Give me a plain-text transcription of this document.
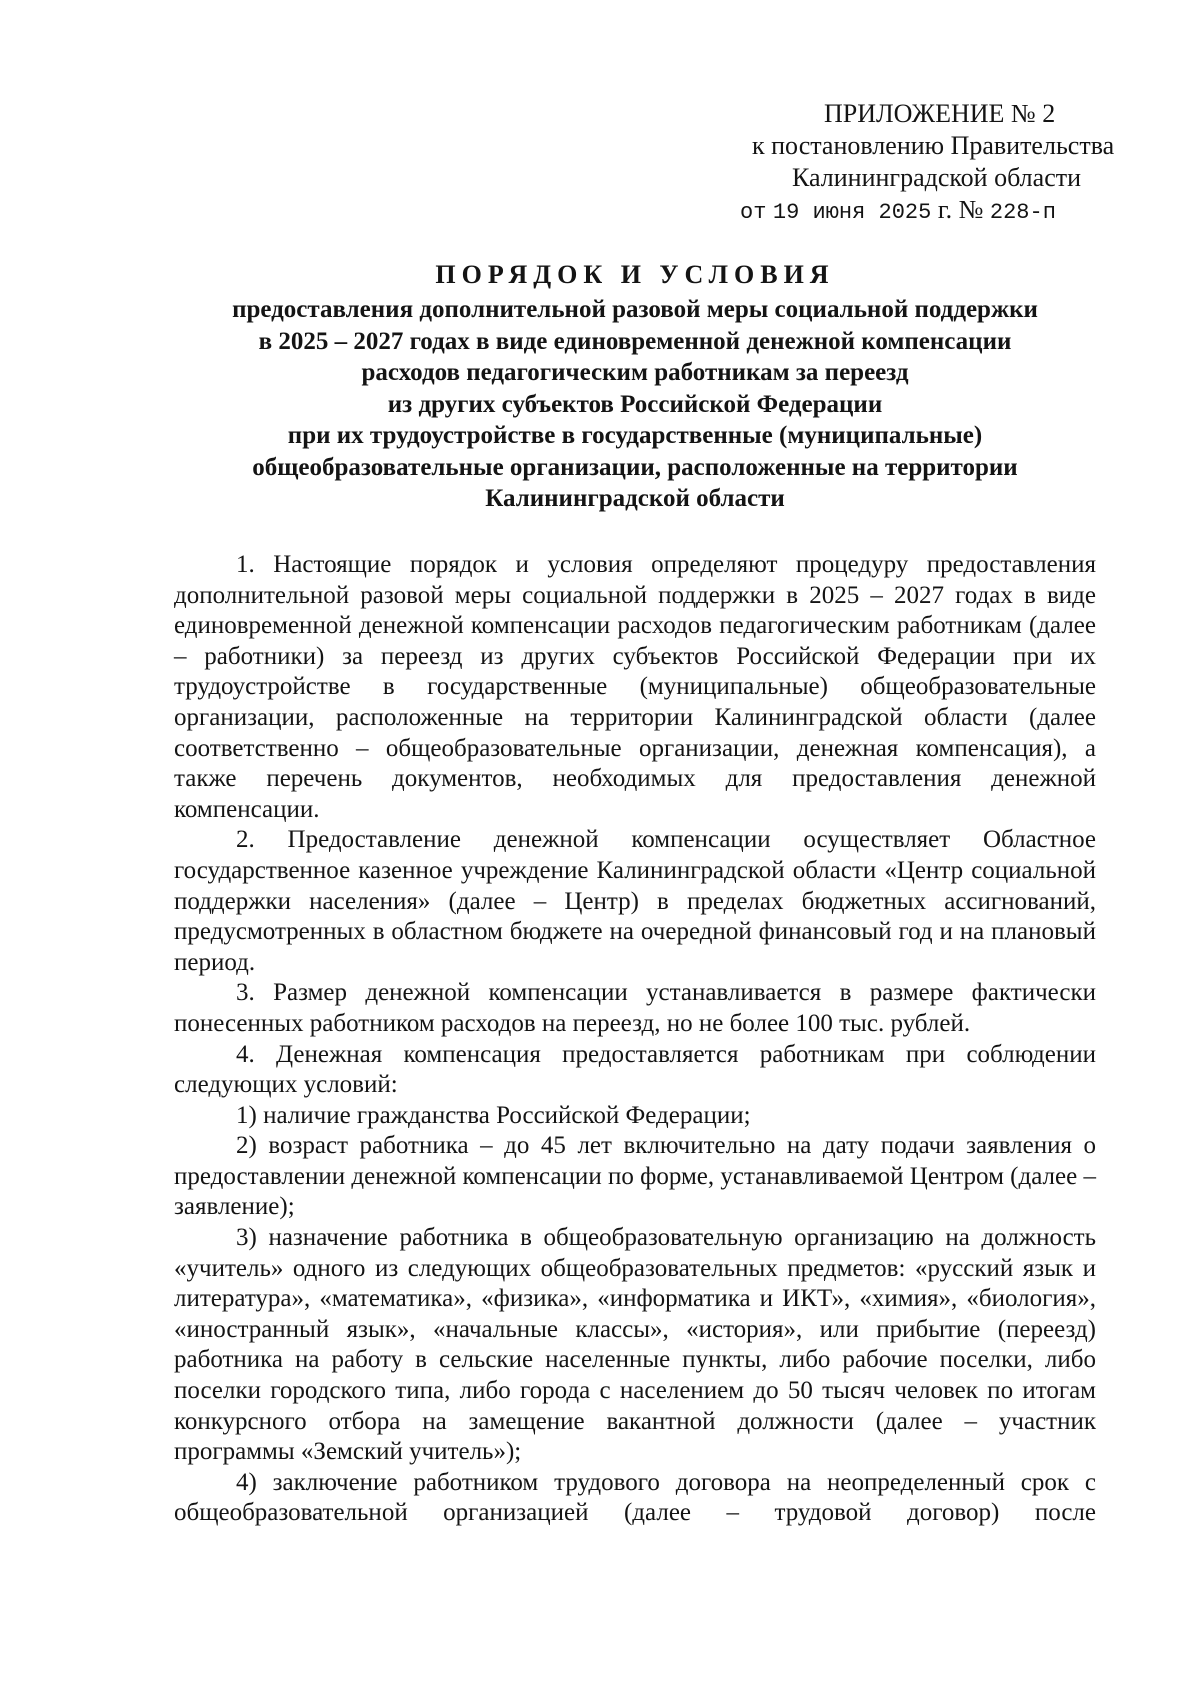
ПРИЛОЖЕНИЕ № 2
к постановлению Правительства
Калининградской области
от 19 июня 2025 г. № 228-п
ПОРЯДОК И УСЛОВИЯ
предоставления дополнительной разовой меры социальной поддержки
в 2025 – 2027 годах в виде единовременной денежной компенсации
расходов педагогическим работникам за переезд
из других субъектов Российской Федерации
при их трудоустройстве в государственные (муниципальные)
общеобразовательные организации, расположенные на территории
Калининградской области

1. Настоящие порядок и условия определяют процедуру предоставления дополнительной разовой меры социальной поддержки в 2025 – 2027 годах в виде единовременной денежной компенсации расходов педагогическим работникам (далее – работники) за переезд из других субъектов Российской Федерации при их трудоустройстве в государственные (муниципальные) общеобразовательные организации, расположенные на территории Калининградской области (далее соответственно – общеобразовательные организации, денежная компенсация), а также перечень документов, необходимых для предоставления денежной компенсации.

2. Предоставление денежной компенсации осуществляет Областное государственное казенное учреждение Калининградской области «Центр социальной поддержки населения» (далее – Центр) в пределах бюджетных ассигнований, предусмотренных в областном бюджете на очередной финансовый год и на плановый период.

3. Размер денежной компенсации устанавливается в размере фактически понесенных работником расходов на переезд, но не более 100 тыс. рублей.

4. Денежная компенсация предоставляется работникам при соблюдении следующих условий:

1) наличие гражданства Российской Федерации;

2) возраст работника – до 45 лет включительно на дату подачи заявления о предоставлении денежной компенсации по форме, устанавливаемой Центром (далее – заявление);

3) назначение работника в общеобразовательную организацию на должность «учитель» одного из следующих общеобразовательных предметов: «русский язык и литература», «математика», «физика», «информатика и ИКТ», «химия», «биология», «иностранный язык», «начальные классы», «история», или прибытие (переезд) работника на работу в сельские населенные пункты, либо рабочие поселки, либо поселки городского типа, либо города с населением до 50 тысяч человек по итогам конкурсного отбора на замещение вакантной должности (далее – участник программы «Земский учитель»);

4) заключение работником трудового договора на неопределенный срок с общеобразовательной организацией (далее – трудовой договор) после
